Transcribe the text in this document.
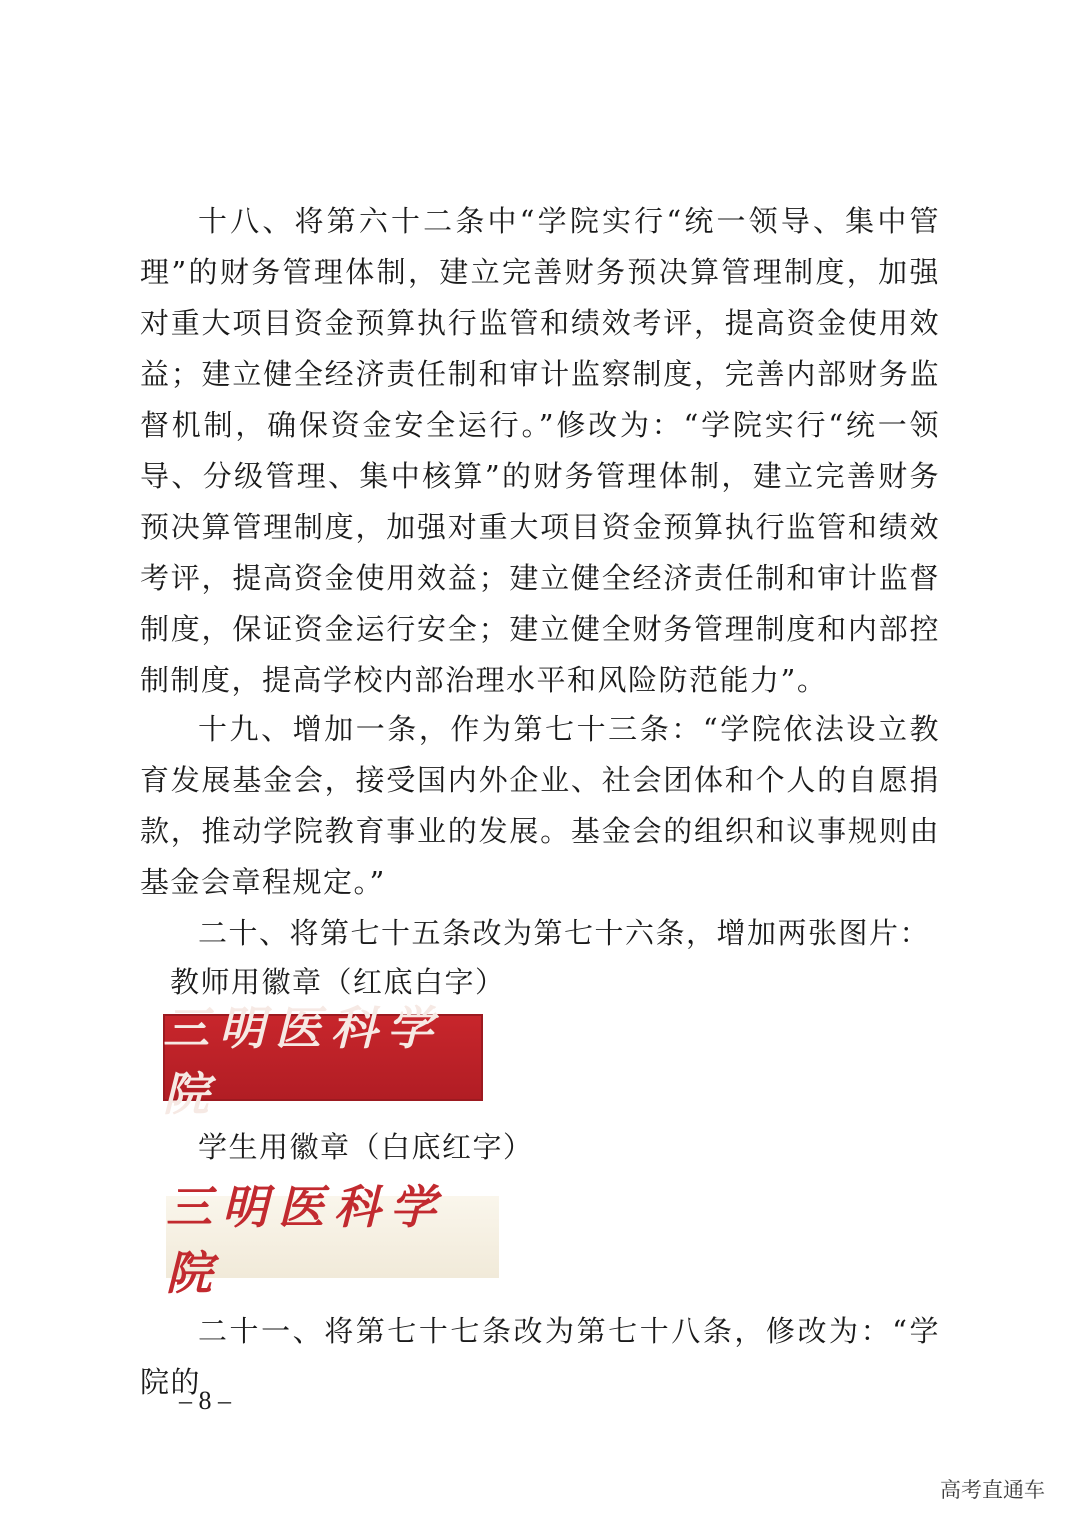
十八、将第六十二条中“学院实行“统一领导、集中管理”的财务管理体制，建立完善财务预决算管理制度，加强对重大项目资金预算执行监管和绩效考评，提高资金使用效益；建立健全经济责任制和审计监察制度，完善内部财务监督机制，确保资金安全运行。”修改为：“学院实行“统一领导、分级管理、集中核算”的财务管理体制，建立完善财务预决算管理制度，加强对重大项目资金预算执行监管和绩效考评，提高资金使用效益；建立健全经济责任制和审计监督制度，保证资金运行安全；建立健全财务管理制度和内部控制制度，提高学校内部治理水平和风险防范能力”。

十九、增加一条，作为第七十三条：“学院依法设立教育发展基金会，接受国内外企业、社会团体和个人的自愿捐款，推动学院教育事业的发展。基金会的组织和议事规则由基金会章程规定。”

二十、将第七十五条改为第七十六条，增加两张图片：

教师用徽章（红底白字）
三明医科学院
学生用徽章（白底红字）
三明医科学院

二十一、将第七十七条改为第七十八条，修改为：“学院的

– 8 –
高考直通车
